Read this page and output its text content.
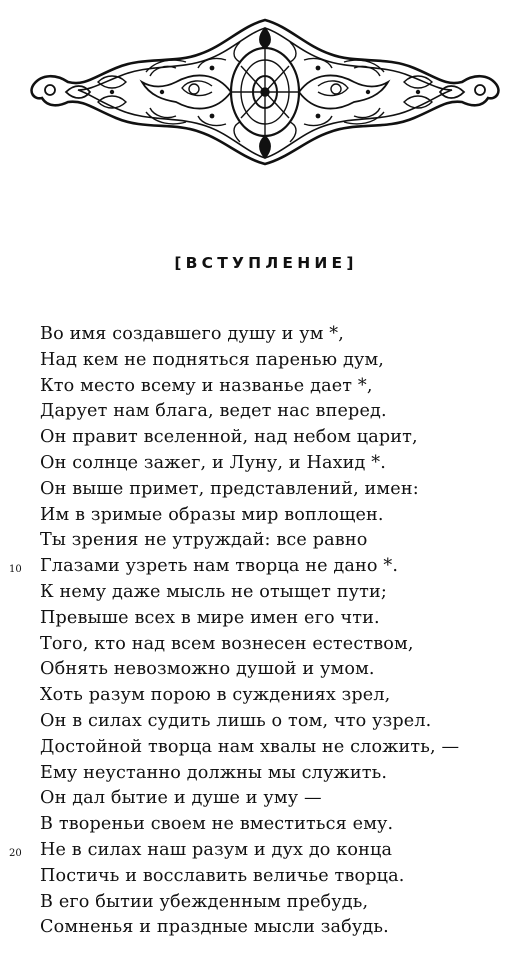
[ВСТУПЛЕНИЕ]
Во имя создавшего душу и ум *,
Над кем не подняться паренью дум,
Кто место всему и названье дает *,
Дарует нам блага, ведет нас вперед.
Он правит вселенной, над небом царит,
Он солнце зажег, и Луну, и Нахид *.
Он выше примет, представлений, имен:
Им в зримые образы мир воплощен.
Ты зрения не утруждай: все равно
10 Глазами узреть нам творца не дано *.
К нему даже мысль не отыщет пути;
Превыше всех в мире имен его чти.
Того, кто над всем вознесен естеством,
Обнять невозможно душой и умом.
Хоть разум порою в суждениях зрел,
Он в силах судить лишь о том, что узрел.
Достойной творца нам хвалы не сложить, —
Ему неустанно должны мы служить.
Он дал бытие и душе и уму —
В твореньи своем не вместиться ему.
20 Не в силах наш разум и дух до конца
Постичь и восславить величье творца.
В его бытии убежденным пребудь,
Сомненья и праздные мысли забудь.
